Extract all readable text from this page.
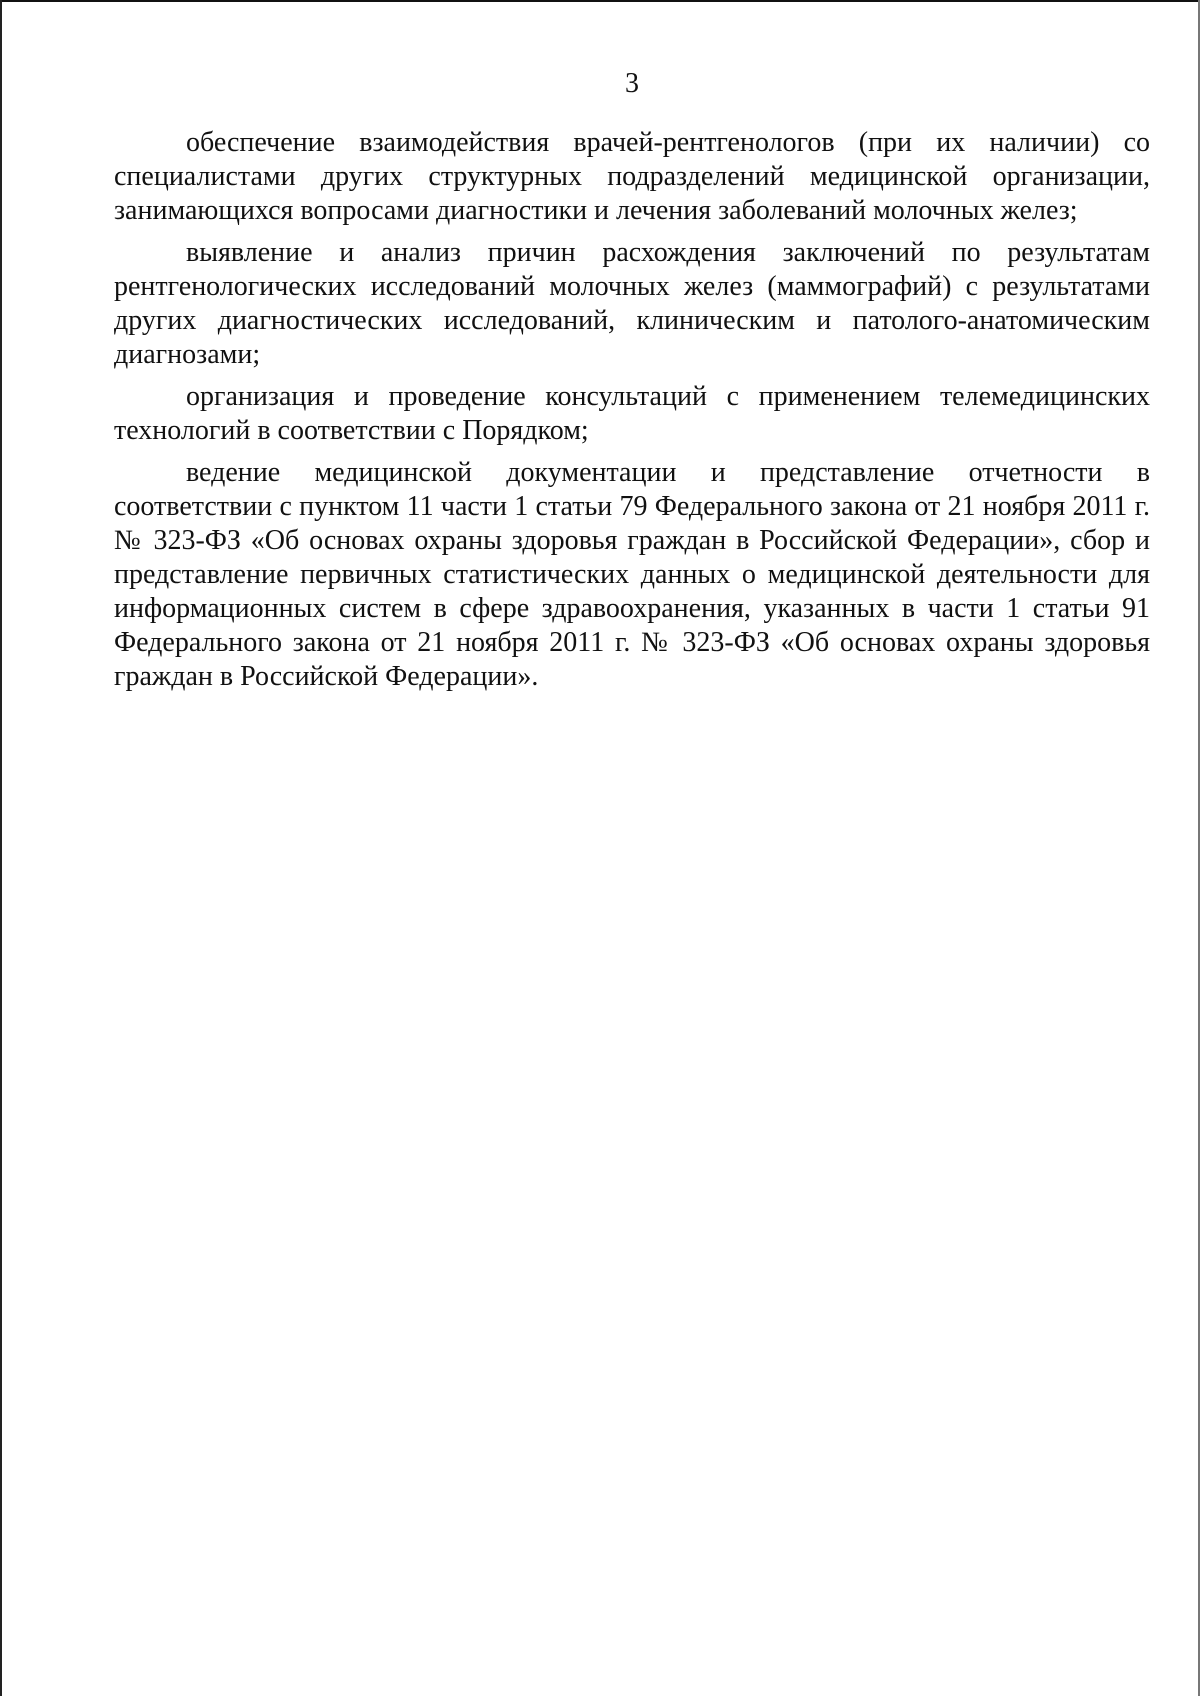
3

обеспечение взаимодействия врачей-рентгенологов (при их наличии) со специалистами других структурных подразделений медицинской организации, занимающихся вопросами диагностики и лечения заболеваний молочных желез;

выявление и анализ причин расхождения заключений по результатам рентгенологических исследований молочных желез (маммографий) с результатами других диагностических исследований, клиническим и патолого-анатомическим диагнозами;

организация и проведение консультаций с применением телемедицинских технологий в соответствии с Порядком;

ведение медицинской документации и представление отчетности в соответствии с пунктом 11 части 1 статьи 79 Федерального закона от 21 ноября 2011 г. № 323-ФЗ «Об основах охраны здоровья граждан в Российской Федерации», сбор и представление первичных статистических данных о медицинской деятельности для информационных систем в сфере здравоохранения, указанных в части 1 статьи 91 Федерального закона от 21 ноября 2011 г. № 323-ФЗ «Об основах охраны здоровья граждан в Российской Федерации».
